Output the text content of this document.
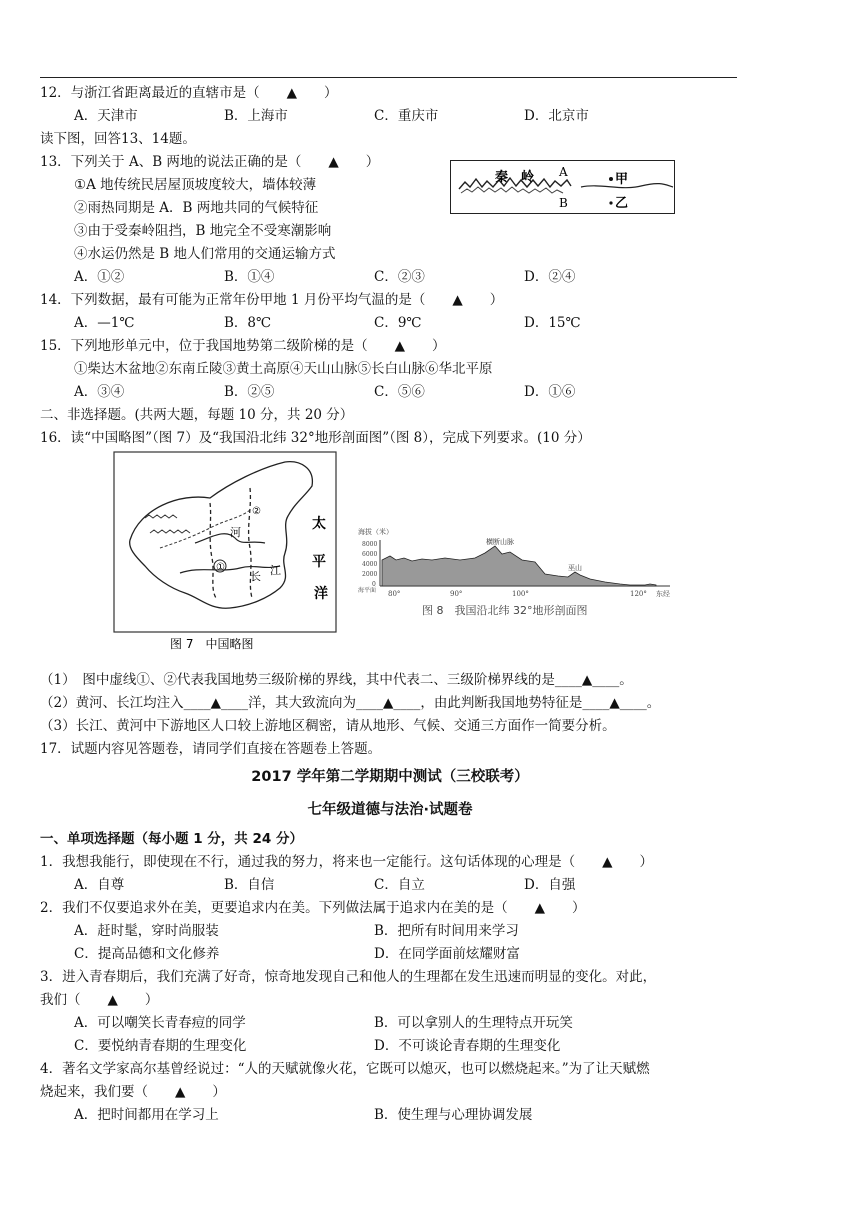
12．与浙江省距离最近的直辖市是（　　▲　　）
A．天津市	B．上海市	C．重庆市	D．北京市
读下图，回答13、14题。
13．下列关于 A、B 两地的说法正确的是（　　▲　　）
①A 地传统民居屋顶坡度较大，墙体较薄
②雨热同期是 A．B 两地共同的气候特征
③由于受秦岭阻挡，B 地完全不受寒潮影响
④水运仍然是 B 地人们常用的交通运输方式
A．①②	B．①④	C．②③	D．②④
秦　岭 A
B
甲
乙
14．下列数据，最有可能为正常年份甲地 1 月份平均气温的是（　　▲　　）
A．—1℃	B．8℃	C．9℃	D．15℃
15．下列地形单元中，位于我国地势第二级阶梯的是（　　▲　　）
①柴达木盆地②东南丘陵③黄土高原④天山山脉⑤长白山脉⑥华北平原
A．③④	B．②⑤	C．⑤⑥	D．①⑥
二、非选择题。(共两大题，每题 10 分，共 20 分）
16．读“中国略图”（图 7）及“我国沿北纬 32°地形剖面图”（图 8），完成下列要求。(10 分）
①
②
河
长 江
太
平
洋
图 7　中国略图
海拔（米）
8000
6000
4000
2000
0
海平面
横断山脉
巫山
80°	90°	100°	120° 东经
图 8　我国沿北纬 32°地形剖面图
（1）　图中虚线①、②代表我国地势三级阶梯的界线，其中代表二、三级阶梯界线的是____▲____。
（2）黄河、长江均注入____▲____洋，其大致流向为____▲____，由此判断我国地势特征是____▲____。
（3）长江、黄河中下游地区人口较上游地区稠密，请从地形、气候、交通三方面作一简要分析。
17．试题内容见答题卷，请同学们直接在答题卷上答题。
2017 学年第二学期期中测试（三校联考）
七年级道德与法治·试题卷
一、单项选择题（每小题 1 分，共 24 分）
1．我想我能行，即使现在不行，通过我的努力，将来也一定能行。这句话体现的心理是（　　▲　　）
A．自尊	B．自信	C．自立	D．自强
2．我们不仅要追求外在美，更要追求内在美。下列做法属于追求内在美的是（　　▲　　）
A．赶时髦，穿时尚服装	B．把所有时间用来学习
C．提高品德和文化修养	D．在同学面前炫耀财富
3．进入青春期后，我们充满了好奇，惊奇地发现自己和他人的生理都在发生迅速而明显的变化。对此，
我们（　　▲　　）
A．可以嘲笑长青春痘的同学	B．可以拿别人的生理特点开玩笑
C．要悦纳青春期的生理变化	D．不可谈论青春期的生理变化
4．著名文学家高尔基曾经说过：“人的天赋就像火花，它既可以熄灭，也可以燃烧起来。”为了让天赋燃
烧起来，我们要（　　▲　　）
A．把时间都用在学习上	B．使生理与心理协调发展
